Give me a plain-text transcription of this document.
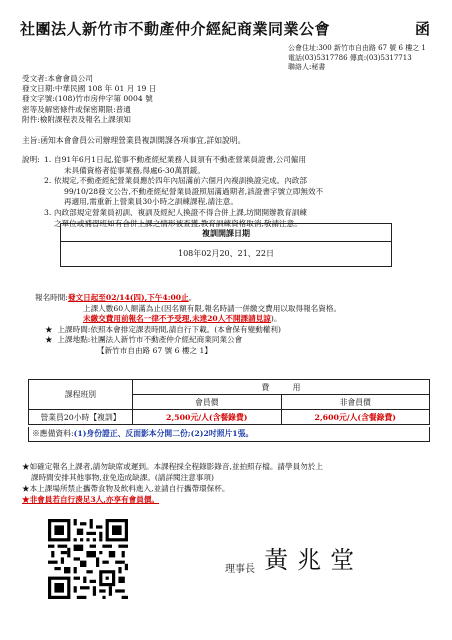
社團法人新竹市不動產仲介經紀商業同業公會	函
公會住址:300 新竹市自由路 67 號 6 樓之 1
電話(03)5317786 傳真:(03)5317713
聯絡人:秘書
受文者:本會會員公司
發文日期:中華民國 108 年 01 月 19 日
發文字號:(108)竹市房仲字第 0004 號
密等及解密條件或保密期限:普通
附件:檢附課程表及報名上課須知
主旨:函知本會會員公司辦理營業員複訓開課各項事宜,詳如說明。
說明: 1. 自91年6月1日起,從事不動產經紀業務人員須有不動產營業員證書,公司僱用
未具備資格者從事業務,得處6-30萬罰鍰。
2. 依規定,不動產經紀營業員應於四年內屆滿前六個月內複訓換證完成。內政部
99/10/28發文公告,不動產經紀營業員證照屆滿過期者,該證書字號立即無效不
再適用,需重新上營業員30小時之訓練課程,請注意。
3. 內政部規定營業員初訓、複訓及經紀人換證不得合併上課,坊間開辦教育訓練
之單位或補習班如有合併上課之情形被查獲,教育訓練資格取消,敬請注意。
複訓開課日期
108年02月20、21、22日
報名時間:發文日起至02/14(四),下午4:00止。
上課人數60人額滿為止(因名額有限,報名時請一併繳交費用以取得報名資格。
未繳交費用前報名一律不予受理,未達20人不開課請見諒)。
★ 上課時間:依照本會排定課表時間,請自行下載。(本會保有變動權利)
★ 上課地點:社團法人新竹市不動產仲介經紀商業同業公會
【新竹市自由路 67 號 6 樓之 1】
課程班別	費　　　用	
	會員價	非會員價
營業員20小時【複訓】	2,500元/人(含餐錄費)	2,600元/人(含餐錄費)
※應備資料:(1)身份證正、反面影本分開二份;(2)2吋照片1張。
★如確定報名上課者,請勿缺席或遲到。本課程採全程錄影錄音,並拍照存檔。請學員勿於上
課時間安排其他事物,並免造成缺課。(請詳閱注意事項)
★本上課場所禁止攜帶食物及飲料進入,並請自行攜帶環保杯。
★非會員若自行湊足3人,亦享有會員價。
理事長 黃兆堂
